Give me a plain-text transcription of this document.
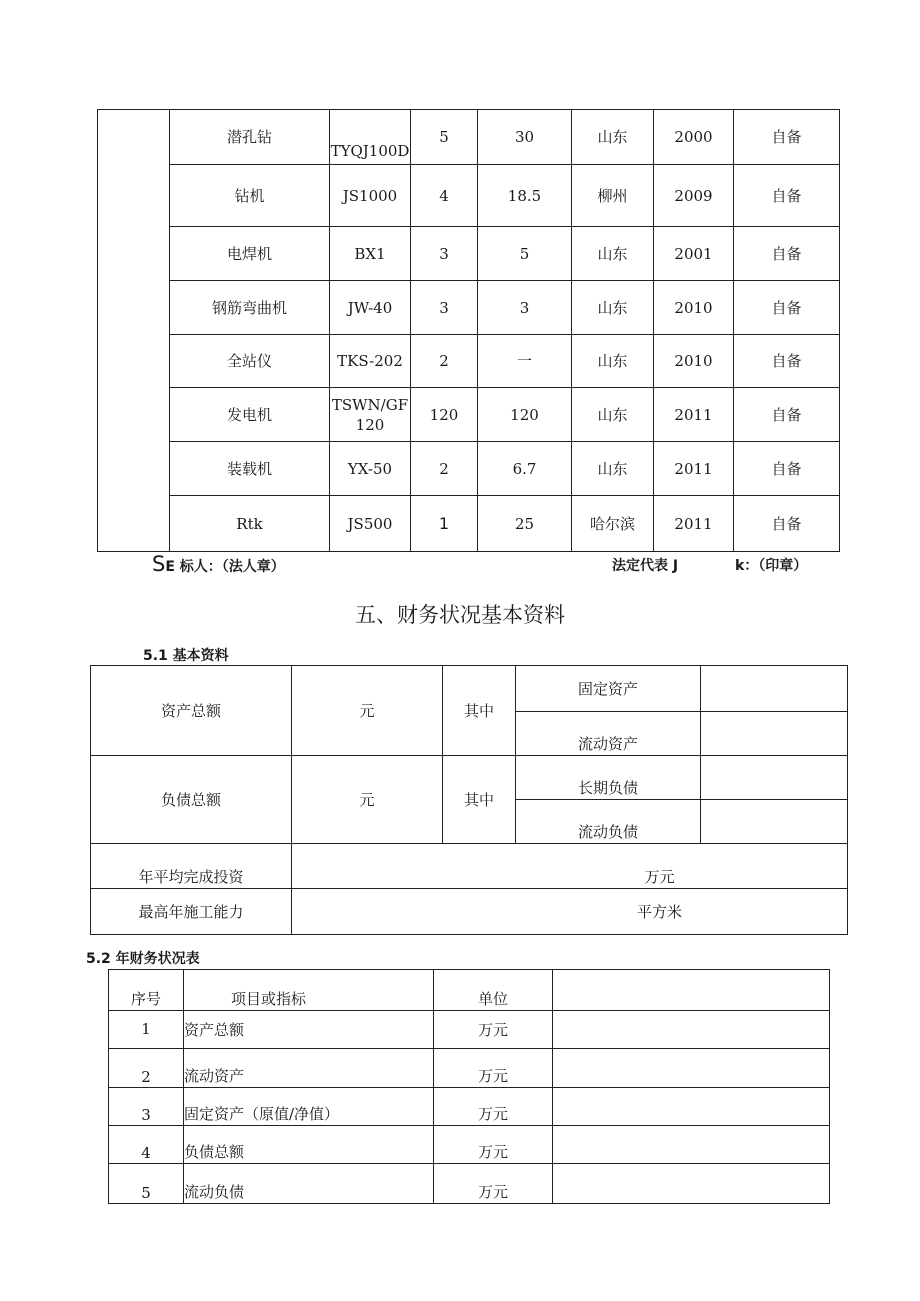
	潜孔钻	TYQJ100D	5	30	山东	2000	自备
	钻机	JS1000	4	18.5	柳州	2009	自备
	电焊机	BX1	3	5	山东	2001	自备
	钢筋弯曲机	JW-40	3	3	山东	2010	自备
	全站仪	TKS-202	2	一	山东	2010	自备
	发电机	TSWN/GF120	120	120	山东	2011	自备
	装载机	YX-50	2	6.7	山东	2011	自备
	Rtk	JS500	1	25	哈尔滨	2011	自备
SE 标人：（法人章）	法定代表 J	k：（印章）
五、财务状况基本资料
5.1 基本资料
资产总额	元	其中	固定资产	
			流动资产	
负债总额	元	其中	长期负债	
			流动负债	
年平均完成投资	万元			
最高年施工能力	平方米			
5.2 年财务状况表
序号	项目或指标	单位	
1	资产总额	万元	
2	流动资产	万元	
3	固定资产（原值/净值）	万元	
4	负债总额	万元	
5	流动负债	万元	
